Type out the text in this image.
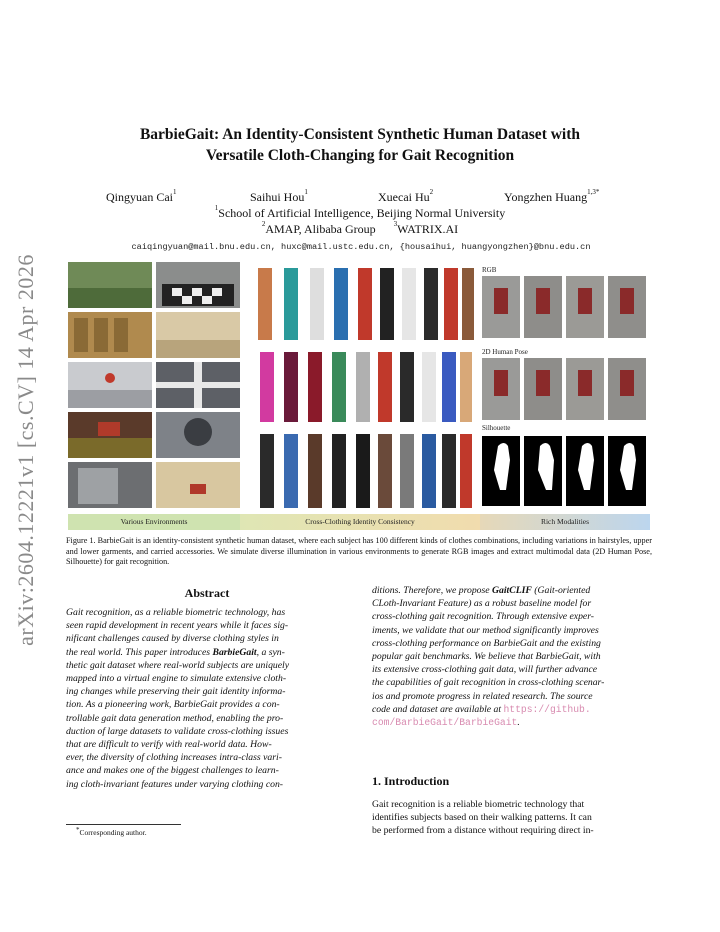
arXiv:2604.12221v1 [cs.CV] 14 Apr 2026
BarbieGait: An Identity-Consistent Synthetic Human Dataset with
Versatile Cloth-Changing for Gait Recognition
Qingyuan Cai$^1$	Saihui Hou$^1$	Xuecai Hu$^2$	Yongzhen Huang$^{1,3*}$
$^1$School of Artificial Intelligence, Beijing Normal University
$^2$AMAP, Alibaba Group	$^3$WATRIX.AI
caiqingyuan@mail.bnu.edu.cn, huxc@mail.ustc.edu.cn, {housaihui, huangyongzhen}@bnu.edu.cn
RGB
2D Human Pose
Silhouette
Various Environments	Cross-Clothing Identity Consistency	Rich Modalities
Figure 1. BarbieGait is an identity-consistent synthetic human dataset, where each subject has 100 different kinds of clothes combinations, including variations in hairstyles, upper and lower garments, and carried accessories. We simulate diverse illumination in various environments to generate RGB images and extract multimodal data (2D Human Pose, Silhouette) for gait recognition.
Abstract
Gait recognition, as a reliable biometric technology, has
seen rapid development in recent years while it faces sig-
nificant challenges caused by diverse clothing styles in
the real world. This paper introduces BarbieGait, a syn-
thetic gait dataset where real-world subjects are uniquely
mapped into a virtual engine to simulate extensive cloth-
ing changes while preserving their gait identity informa-
tion. As a pioneering work, BarbieGait provides a con-
trollable gait data generation method, enabling the pro-
duction of large datasets to validate cross-clothing issues
that are difficult to verify with real-world data. How-
ever, the diversity of clothing increases intra-class vari-
ance and makes one of the biggest challenges to learn-
ing cloth-invariant features under varying clothing con-
ditions. Therefore, we propose GaitCLIF (Gait-oriented
CLoth-Invariant Feature) as a robust baseline model for
cross-clothing gait recognition. Through extensive exper-
iments, we validate that our method significantly improves
cross-clothing performance on BarbieGait and the existing
popular gait benchmarks. We believe that BarbieGait, with
its extensive cross-clothing gait data, will further advance
the capabilities of gait recognition in cross-clothing scenar-
ios and promote progress in related research. The source
code and dataset are available at https://github.
com/BarbieGait/BarbieGait.
1. Introduction
Gait recognition is a reliable biometric technology that
identifies subjects based on their walking patterns. It can
be performed from a distance without requiring direct in-
*Corresponding author.
